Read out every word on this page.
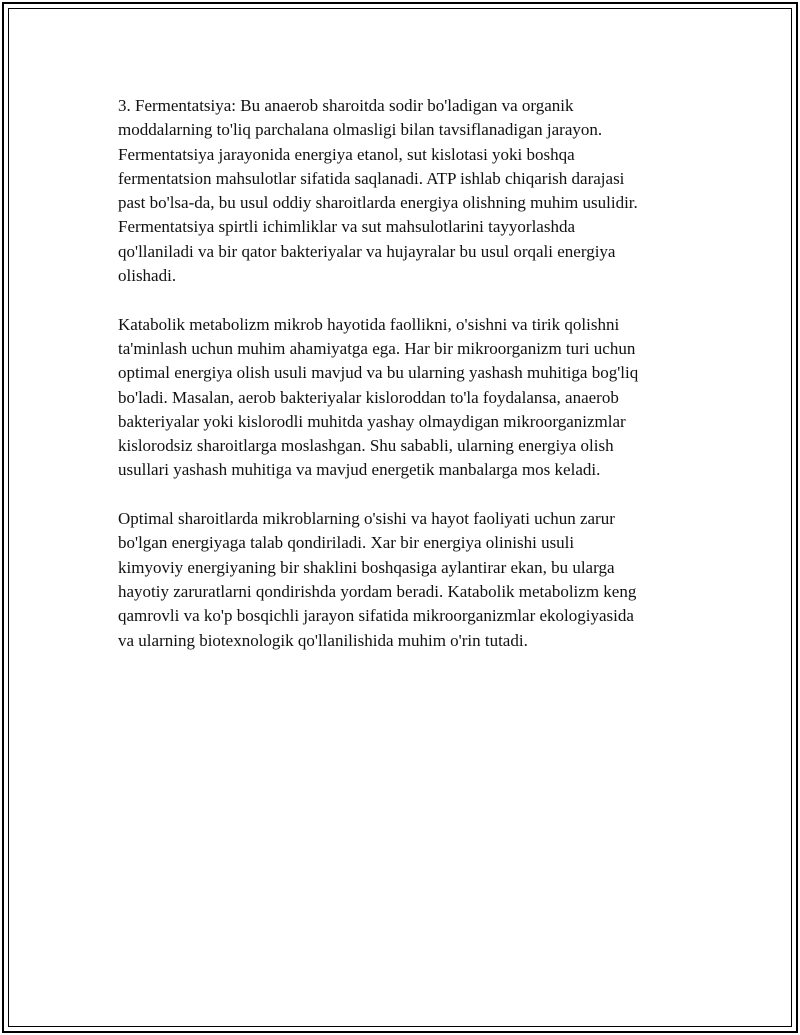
3. Fermentatsiya: Bu anaerob sharoitda sodir bo'ladigan va organik
moddalarning to'liq parchalana olmasligi bilan tavsiflanadigan jarayon.
Fermentatsiya jarayonida energiya etanol, sut kislotasi yoki boshqa
fermentatsion mahsulotlar sifatida saqlanadi. ATP ishlab chiqarish darajasi
past bo'lsa-da, bu usul oddiy sharoitlarda energiya olishning muhim usulidir.
Fermentatsiya spirtli ichimliklar va sut mahsulotlarini tayyorlashda
qo'llaniladi va bir qator bakteriyalar va hujayralar bu usul orqali energiya
olishadi.

Katabolik metabolizm mikrob hayotida faollikni, o'sishni va tirik qolishni
ta'minlash uchun muhim ahamiyatga ega. Har bir mikroorganizm turi uchun
optimal energiya olish usuli mavjud va bu ularning yashash muhitiga bog'liq
bo'ladi. Masalan, aerob bakteriyalar kisloroddan to'la foydalansa, anaerob
bakteriyalar yoki kislorodli muhitda yashay olmaydigan mikroorganizmlar
kislorodsiz sharoitlarga moslashgan. Shu sababli, ularning energiya olish
usullari yashash muhitiga va mavjud energetik manbalarga mos keladi.

Optimal sharoitlarda mikroblarning o'sishi va hayot faoliyati uchun zarur
bo'lgan energiyaga talab qondiriladi. Xar bir energiya olinishi usuli
kimyoviy energiyaning bir shaklini boshqasiga aylantirar ekan, bu ularga
hayotiy zaruratlarni qondirishda yordam beradi. Katabolik metabolizm keng
qamrovli va ko'p bosqichli jarayon sifatida mikroorganizmlar ekologiyasida
va ularning biotexnologik qo'llanilishida muhim o'rin tutadi.
